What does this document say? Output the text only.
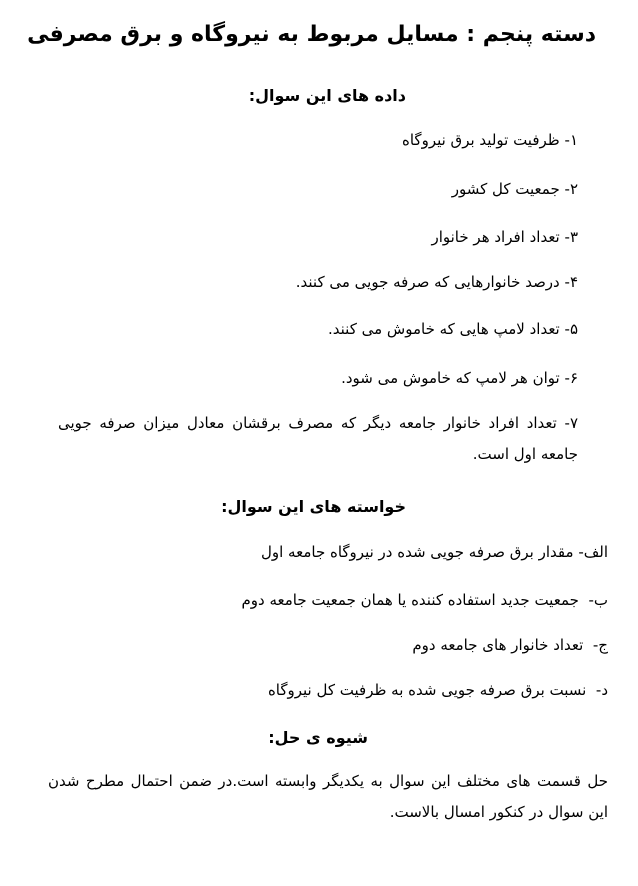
دسته پنجم : مسایل مربوط به نیروگاه و برق مصرفی
داده های این سوال:

۱- ظرفیت تولید برق نیروگاه

۲- جمعیت کل کشور

۳- تعداد افراد هر خانوار

۴- درصد خانوارهایی که صرفه جویی می کنند.

۵- تعداد لامپ هایی که خاموش می کنند.

۶- توان هر لامپ که خاموش می شود.

۷- تعداد افراد خانوار جامعه دیگر که مصرف برقشان معادل میزان صرفه جویی جامعه اول است.

خواسته های این سوال:

الف- مقدار برق صرفه جویی شده در نیروگاه جامعه اول

ب-  جمعیت جدید استفاده کننده یا همان جمعیت جامعه دوم

ج-  تعداد خانوار های جامعه دوم

د-  نسبت برق صرفه جویی شده به ظرفیت کل نیروگاه

شیوه ی حل:

حل قسمت های مختلف این سوال به یکدیگر وابسته است.در ضمن احتمال مطرح شدن این سوال در کنکور امسال بالاست.
